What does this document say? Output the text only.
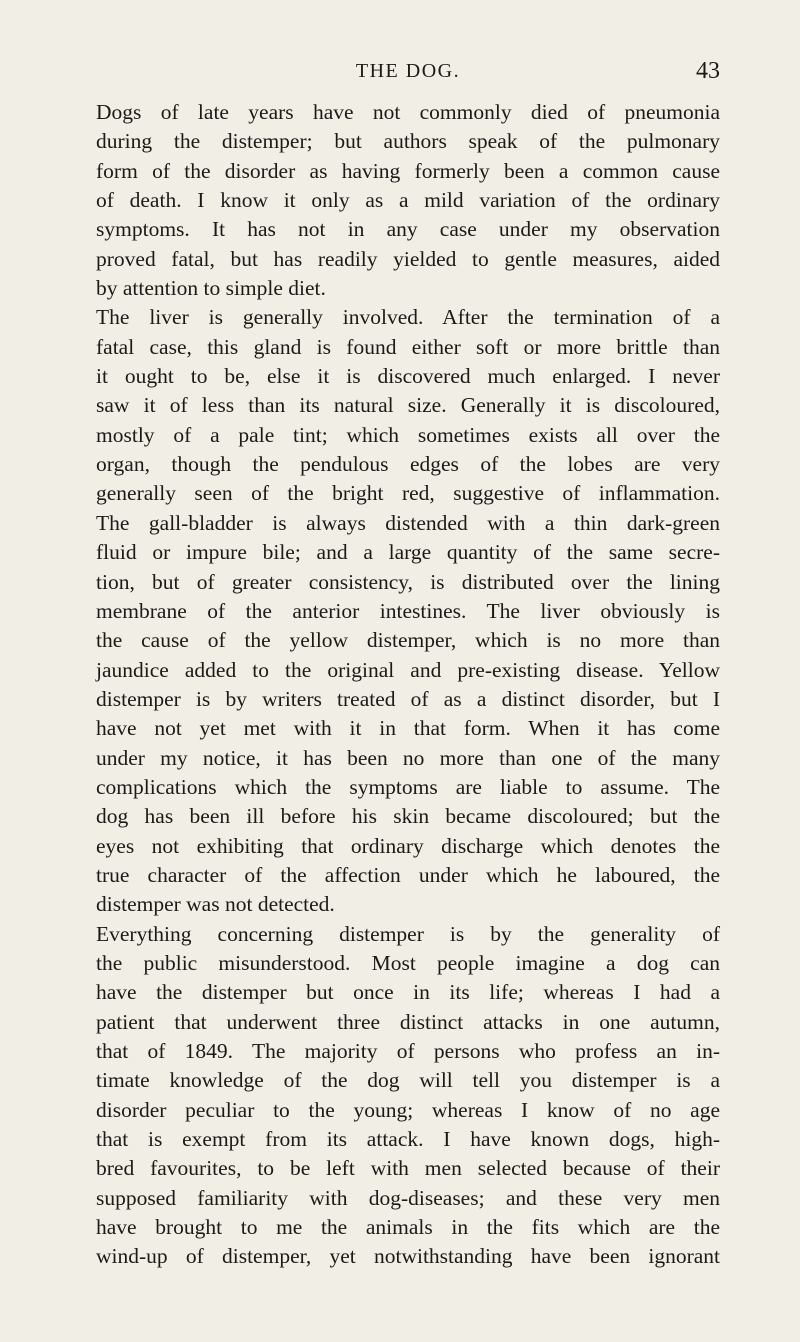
THE DOG.	43
Dogs of late years have not commonly died of pneumonia
during the distemper; but authors speak of the pulmonary
form of the disorder as having formerly been a common cause
of death. I know it only as a mild variation of the ordinary
symptoms. It has not in any case under my observation
proved fatal, but has readily yielded to gentle measures, aided
by attention to simple diet.
The liver is generally involved. After the termination of a
fatal case, this gland is found either soft or more brittle than
it ought to be, else it is discovered much enlarged. I never
saw it of less than its natural size. Generally it is discoloured,
mostly of a pale tint; which sometimes exists all over the
organ, though the pendulous edges of the lobes are very
generally seen of the bright red, suggestive of inflammation.
The gall-bladder is always distended with a thin dark-green
fluid or impure bile; and a large quantity of the same secre-
tion, but of greater consistency, is distributed over the lining
membrane of the anterior intestines. The liver obviously is
the cause of the yellow distemper, which is no more than
jaundice added to the original and pre-existing disease. Yellow
distemper is by writers treated of as a distinct disorder, but I
have not yet met with it in that form. When it has come
under my notice, it has been no more than one of the many
complications which the symptoms are liable to assume. The
dog has been ill before his skin became discoloured; but the
eyes not exhibiting that ordinary discharge which denotes the
true character of the affection under which he laboured, the
distemper was not detected.
Everything concerning distemper is by the generality of
the public misunderstood. Most people imagine a dog can
have the distemper but once in its life; whereas I had a
patient that underwent three distinct attacks in one autumn,
that of 1849. The majority of persons who profess an in-
timate knowledge of the dog will tell you distemper is a
disorder peculiar to the young; whereas I know of no age
that is exempt from its attack. I have known dogs, high-
bred favourites, to be left with men selected because of their
supposed familiarity with dog-diseases; and these very men
have brought to me the animals in the fits which are the
wind-up of distemper, yet notwithstanding have been ignorant
